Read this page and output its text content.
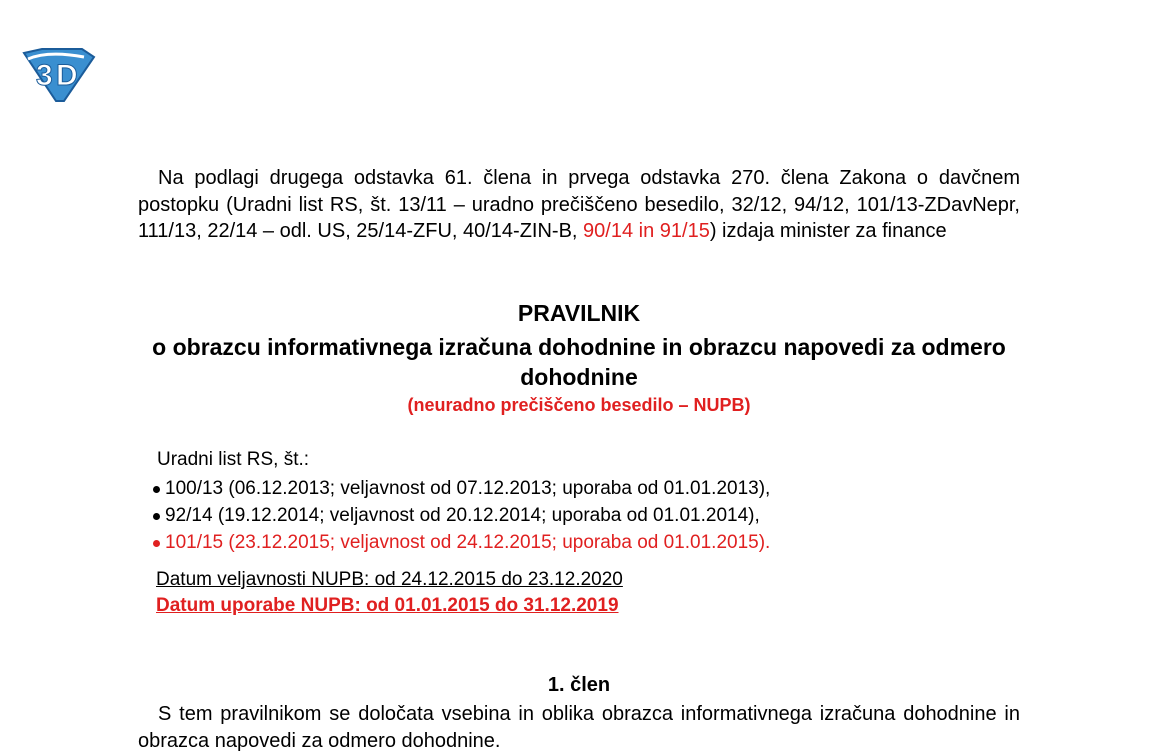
3 D

Na podlagi drugega odstavka 61. člena in prvega odstavka 270. člena Zakona o davčnem postopku (Uradni list RS, št. 13/11 – uradno prečiščeno besedilo, 32/12, 94/12, 101/13-ZDavNepr, 111/13, 22/14 – odl. US, 25/14-ZFU, 40/14-ZIN-B, 90/14 in 91/15) izdaja minister za finance

PRAVILNIK

o obrazcu informativnega izračuna dohodnine in obrazcu napovedi za odmero dohodnine

(neuradno prečiščeno besedilo – NUPB)

Uradni list RS, št.:

100/13 (06.12.2013; veljavnost od 07.12.2013; uporaba od 01.01.2013),
92/14 (19.12.2014; veljavnost od 20.12.2014; uporaba od 01.01.2014),
101/15 (23.12.2015; veljavnost od 24.12.2015; uporaba od 01.01.2015).

Datum veljavnosti NUPB: od 24.12.2015 do 23.12.2020

Datum uporabe NUPB: od 01.01.2015 do 31.12.2019

1. člen

S tem pravilnikom se določata vsebina in oblika obrazca informativnega izračuna dohodnine in obrazca napovedi za odmero dohodnine.
